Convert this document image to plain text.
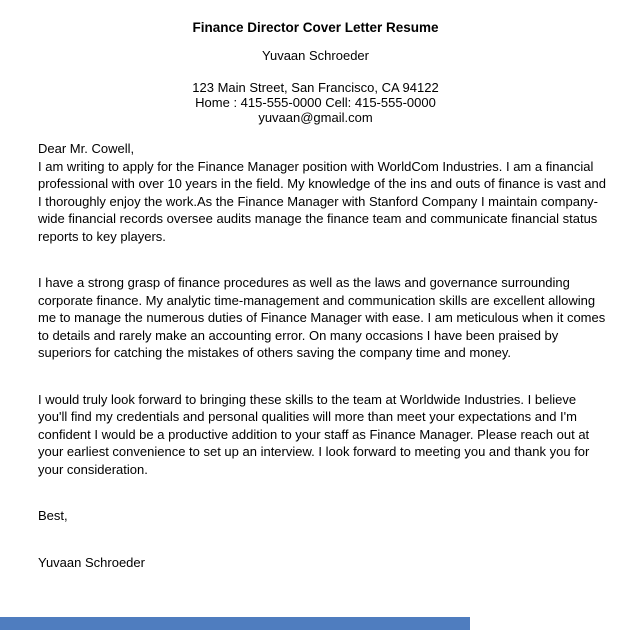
Finance Director Cover Letter Resume
Yuvaan Schroeder
123 Main Street, San Francisco, CA 94122
Home : 415-555-0000 Cell: 415-555-0000
yuvaan@gmail.com
Dear Mr. Cowell,
I am writing to apply for the Finance Manager position with WorldCom Industries. I am a financial professional with over 10 years in the field. My knowledge of the ins and outs of finance is vast and I thoroughly enjoy the work.As the Finance Manager with Stanford Company I maintain company-wide financial records oversee audits manage the finance team and communicate financial status reports to key players.
I have a strong grasp of finance procedures as well as the laws and governance surrounding corporate finance. My analytic time-management and communication skills are excellent allowing me to manage the numerous duties of Finance Manager with ease. I am meticulous when it comes to details and rarely make an accounting error. On many occasions I have been praised by superiors for catching the mistakes of others saving the company time and money.
I would truly look forward to bringing these skills to the team at Worldwide Industries. I believe you'll find my credentials and personal qualities will more than meet your expectations and I'm confident I would be a productive addition to your staff as Finance Manager. Please reach out at your earliest convenience to set up an interview. I look forward to meeting you and thank you for your consideration.
Best,
Yuvaan Schroeder
